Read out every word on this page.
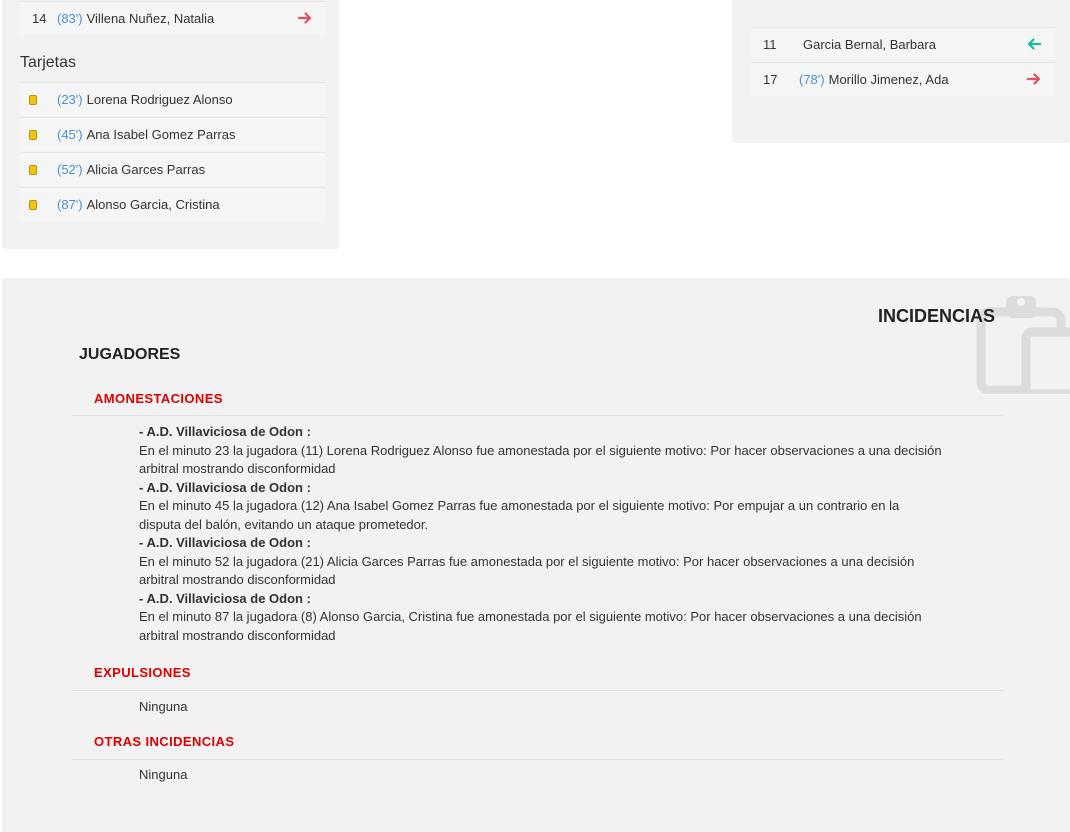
14 (83') Villena Nuñez, Natalia
Tarjetas
(23') Lorena Rodriguez Alonso
(45') Ana Isabel Gomez Parras
(52') Alicia Garces Parras
(87') Alonso Garcia, Cristina
11	Garcia Bernal, Barbara
17	(78') Morillo Jimenez, Ada
INCIDENCIAS
JUGADORES
AMONESTACIONES
- A.D. Villaviciosa de Odon :
En el minuto 23 la jugadora (11) Lorena Rodriguez Alonso fue amonestada por el siguiente motivo: Por hacer observaciones a una decisión
arbitral mostrando disconformidad
- A.D. Villaviciosa de Odon :
En el minuto 45 la jugadora (12) Ana Isabel Gomez Parras fue amonestada por el siguiente motivo: Por empujar a un contrario en la
disputa del balón, evitando un ataque prometedor.
- A.D. Villaviciosa de Odon :
En el minuto 52 la jugadora (21) Alicia Garces Parras fue amonestada por el siguiente motivo: Por hacer observaciones a una decisión
arbitral mostrando disconformidad
- A.D. Villaviciosa de Odon :
En el minuto 87 la jugadora (8) Alonso Garcia, Cristina fue amonestada por el siguiente motivo: Por hacer observaciones a una decisión
arbitral mostrando disconformidad
EXPULSIONES
Ninguna
OTRAS INCIDENCIAS
Ninguna
